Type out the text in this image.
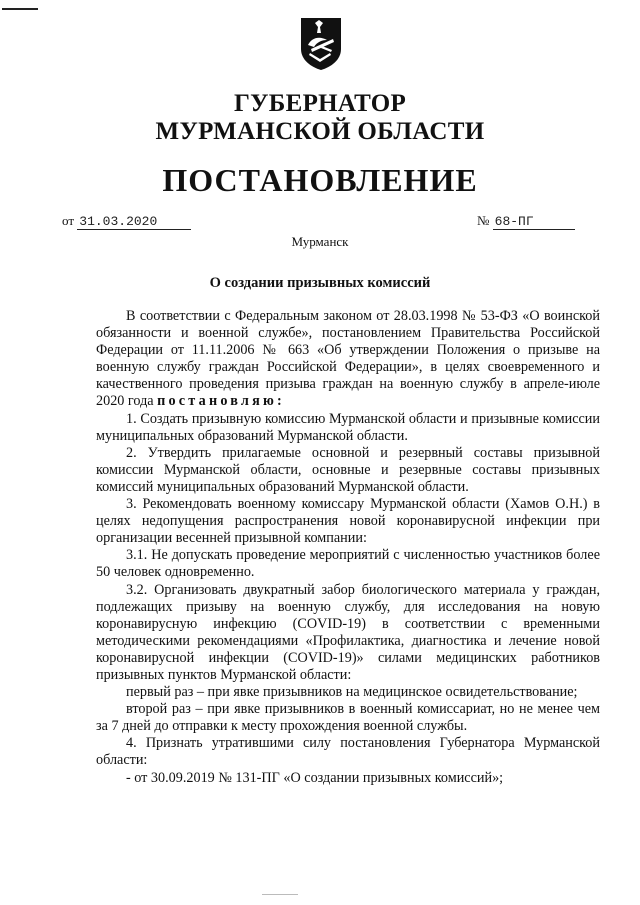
ГУБЕРНАТОР
МУРМАНСКОЙ ОБЛАСТИ
ПОСТАНОВЛЕНИЕ
от 31.03.2020	№ 68-ПГ
Мурманск
О создании призывных комиссий

В соответствии с Федеральным законом от 28.03.1998 № 53-ФЗ «О воинской обязанности и военной службе», постановлением Правительства Российской Федерации от 11.11.2006 № 663 «Об утверждении Положения о призыве на военную службу граждан Российской Федерации», в целях своевременного и качественного проведения призыва граждан на военную службу в апреле-июле 2020 года постановляю:

1. Создать призывную комиссию Мурманской области и призывные комиссии муниципальных образований Мурманской области.

2. Утвердить прилагаемые основной и резервный составы призывной комиссии Мурманской области, основные и резервные составы призывных комиссий муниципальных образований Мурманской области.

3. Рекомендовать военному комиссару Мурманской области (Хамов О.Н.) в целях недопущения распространения новой коронавирусной инфекции при организации весенней призывной компании:

3.1. Не допускать проведение мероприятий с численностью участников более 50 человек одновременно.

3.2. Организовать двукратный забор биологического материала у граждан, подлежащих призыву на военную службу, для исследования на новую коронавирусную инфекцию (COVID-19) в соответствии с временными методическими рекомендациями «Профилактика, диагностика и лечение новой коронавирусной инфекции (COVID-19)» силами медицинских работников призывных пунктов Мурманской области:

первый раз – при явке призывников на медицинское освидетельствование;

второй раз – при явке призывников в военный комиссариат, но не менее чем за 7 дней до отправки к месту прохождения военной службы.

4. Признать утратившими силу постановления Губернатора Мурманской области:

- от 30.09.2019 № 131-ПГ «О создании призывных комиссий»;
